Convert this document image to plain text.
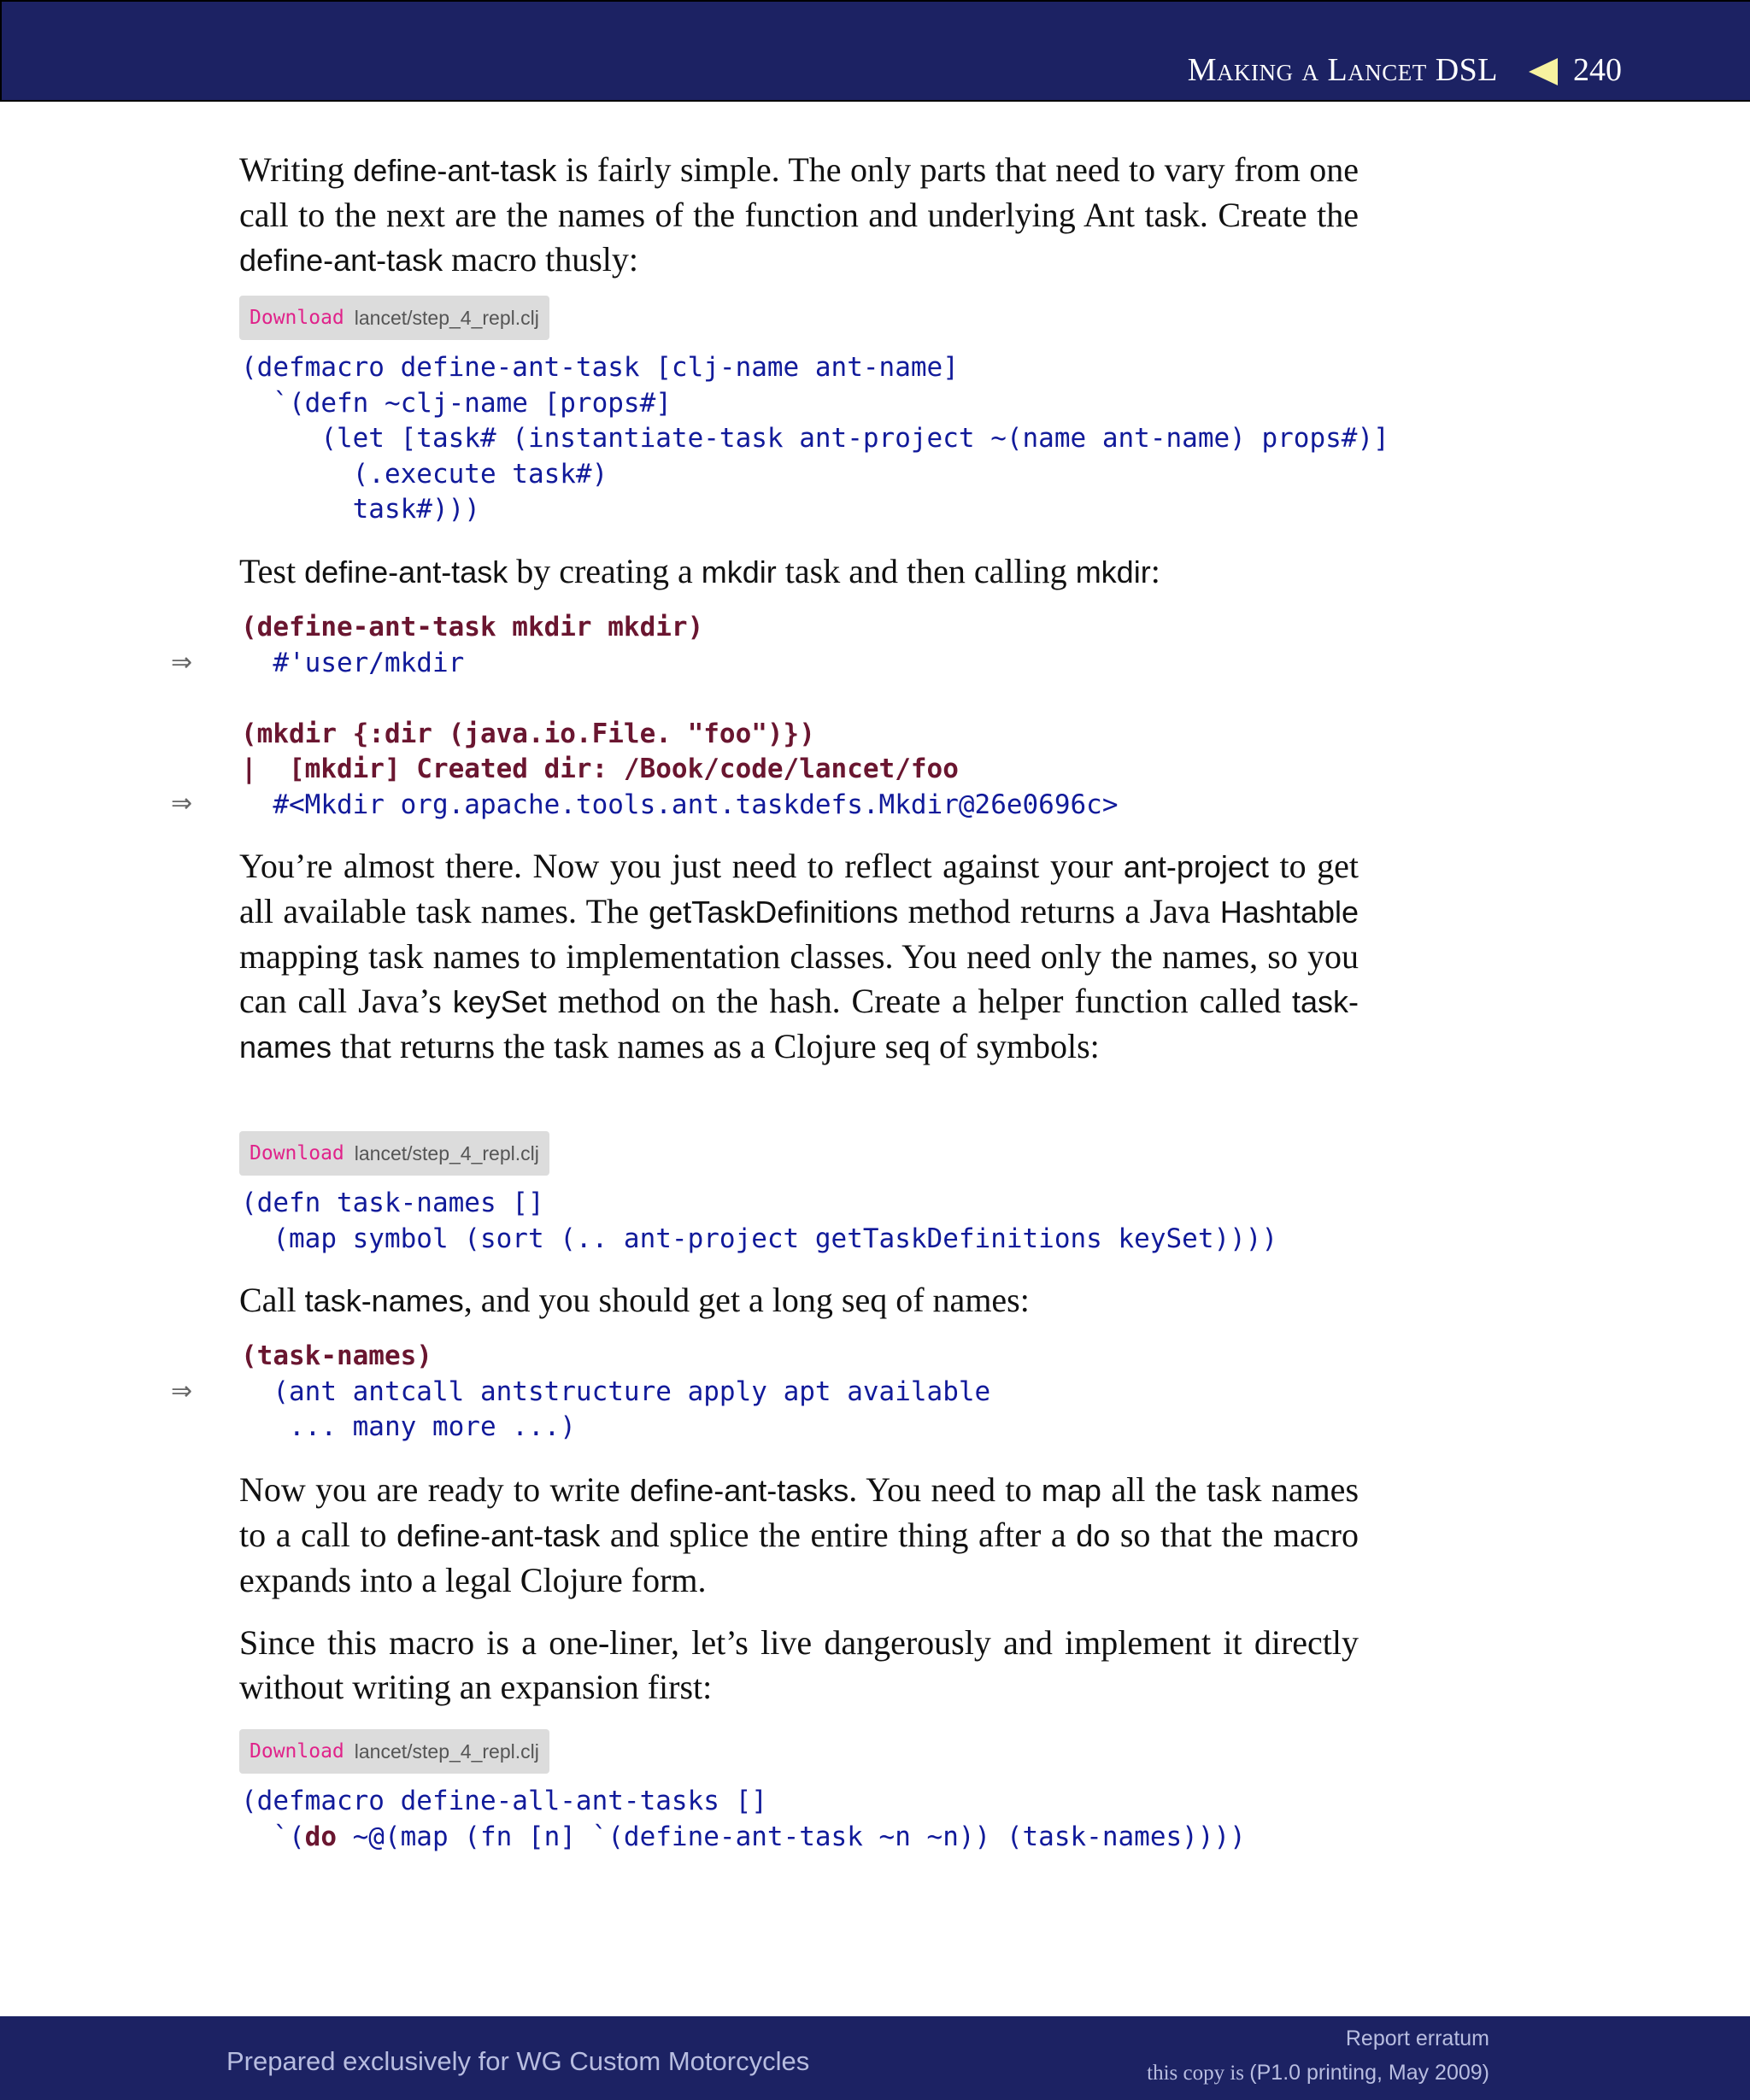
Making a Lancet DSL 240

Writing define-ant-task is fairly simple. The only parts that need to vary from one call to the next are the names of the function and underlying Ant task. Create the define-ant-task macro thusly:

Download lancet/step_4_repl.clj
(defmacro define-ant-task [clj-name ant-name]
`(defn ~clj-name [props#]
(let [task# (instantiate-task ant-project ~(name ant-name) props#)]
(.execute task#)
task#)))

Test define-ant-task by creating a mkdir task and then calling mkdir:

(define-ant-task mkdir mkdir)
#'user/mkdir

(mkdir {:dir (java.io.File. "foo")})
|  [mkdir] Created dir: /Book/code/lancet/foo
#<Mkdir org.apache.tools.ant.taskdefs.Mkdir@26e0696c>
⇒
⇒

You’re almost there. Now you just need to reflect against your ant-project to get all available task names. The getTaskDefinitions method returns a Java Hashtable mapping task names to implementation classes. You need only the names, so you can call Java’s keySet method on the hash. Create a helper function called task-names that returns the task names as a Clojure seq of symbols:

Download lancet/step_4_repl.clj
(defn task-names []
(map symbol (sort (.. ant-project getTaskDefinitions keySet))))

Call task-names, and you should get a long seq of names:

(task-names)
(ant antcall antstructure apply apt available
... many more ...)
⇒

Now you are ready to write define-ant-tasks. You need to map all the task names to a call to define-ant-task and splice the entire thing after a do so that the macro expands into a legal Clojure form.

Since this macro is a one-liner, let’s live dangerously and implement it directly without writing an expansion first:

Download lancet/step_4_repl.clj
(defmacro define-all-ant-tasks []
`(do ~@(map (fn [n] `(define-ant-task ~n ~n)) (task-names))))
Prepared exclusively for WG Custom Motorcycles
Report erratum
this copy is (P1.0 printing, May 2009)
